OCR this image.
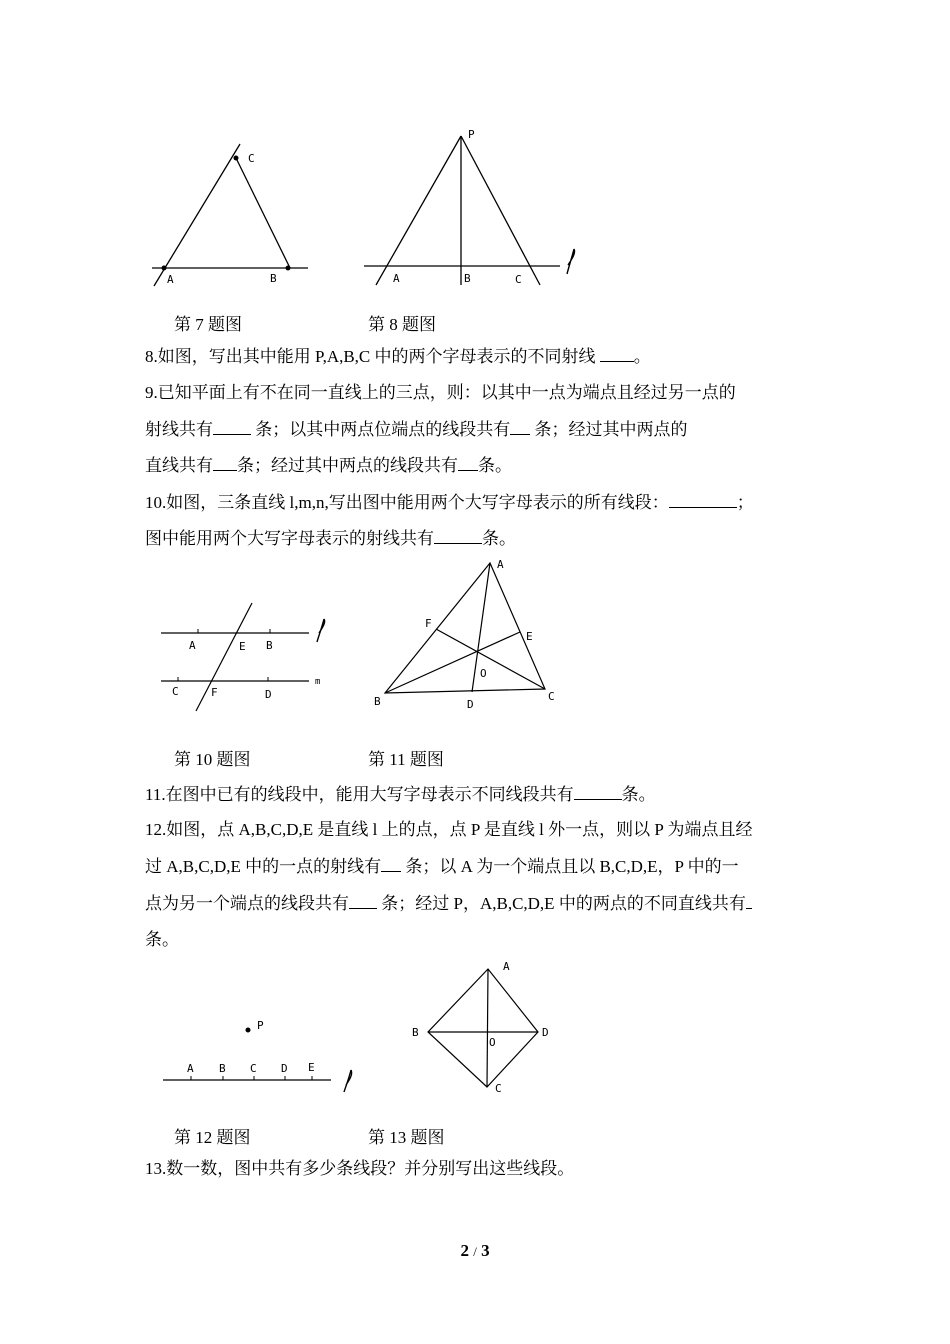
A	B
C
第 7 题图
P
A	B	C
第 8 题图
8.如图，写出其中能用 P,A,B,C 中的两个字母表示的不同射线 。
9.已知平面上有不在同一直线上的三点，则：以其中一点为端点且经过另一点的
射线共有 条；以其中两点位端点的线段共有 条；经过其中两点的
直线共有 条；经过其中两点的线段共有 条。
10.如图，三条直线 l,m,n,写出图中能用两个大写字母表示的所有线段：	；
图中能用两个大写字母表示的射线共有	条。
A	E B
C	F	D
m
A
F
E
O
B	D
C
第 10 题图	第 11 题图
11.在图中已有的线段中，能用大写字母表示不同线段共有	条。
12.如图，点 A,B,C,D,E 是直线 l 上的点，点 P 是直线 l 外一点，则以 P 为端点且经
过 A,B,C,D,E 中的一点的射线有 条；以 A 为一个端点且以 B,C,D,E，P 中的一
点为另一个端点的线段共有 条；经过 P，A,B,C,D,E 中的两点的不同直线共有
条。
P
A B C D E
A
B	D
O
C
第 12 题图	第 13 题图
13.数一数，图中共有多少条线段？并分别写出这些线段。
2 / 3
